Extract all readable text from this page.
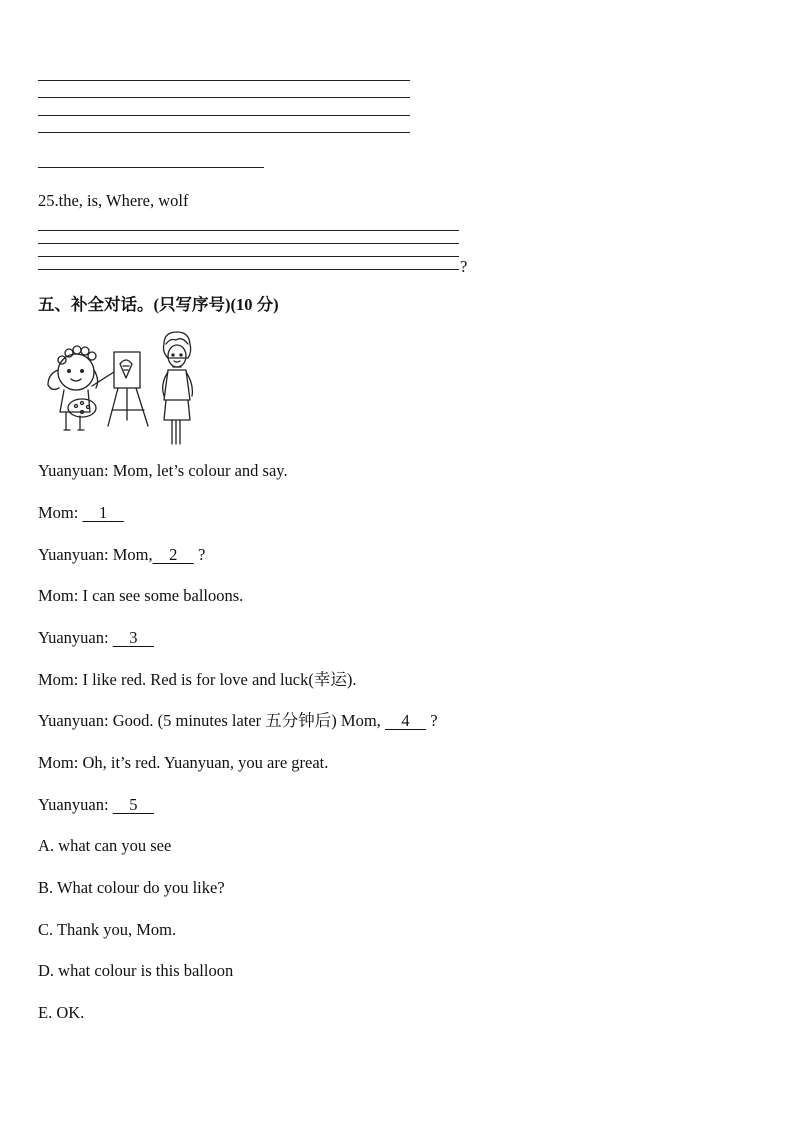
25.the, is, Where, wolf
?
五、补全对话。(只写序号)(10 分)
Yuanyuan: Mom, let’s colour and say.
Mom: 1
Yuanyuan: Mom, 2 ?
Mom: I can see some balloons.
Yuanyuan: 3
Mom: I like red. Red is for love and luck(幸运).
Yuanyuan: Good. (5 minutes later 五分钟后) Mom, 4 ?
Mom: Oh, it’s red. Yuanyuan, you are great.
Yuanyuan: 5
A. what can you see
B. What colour do you like?
C. Thank you, Mom.
D. what colour is this balloon
E. OK.
